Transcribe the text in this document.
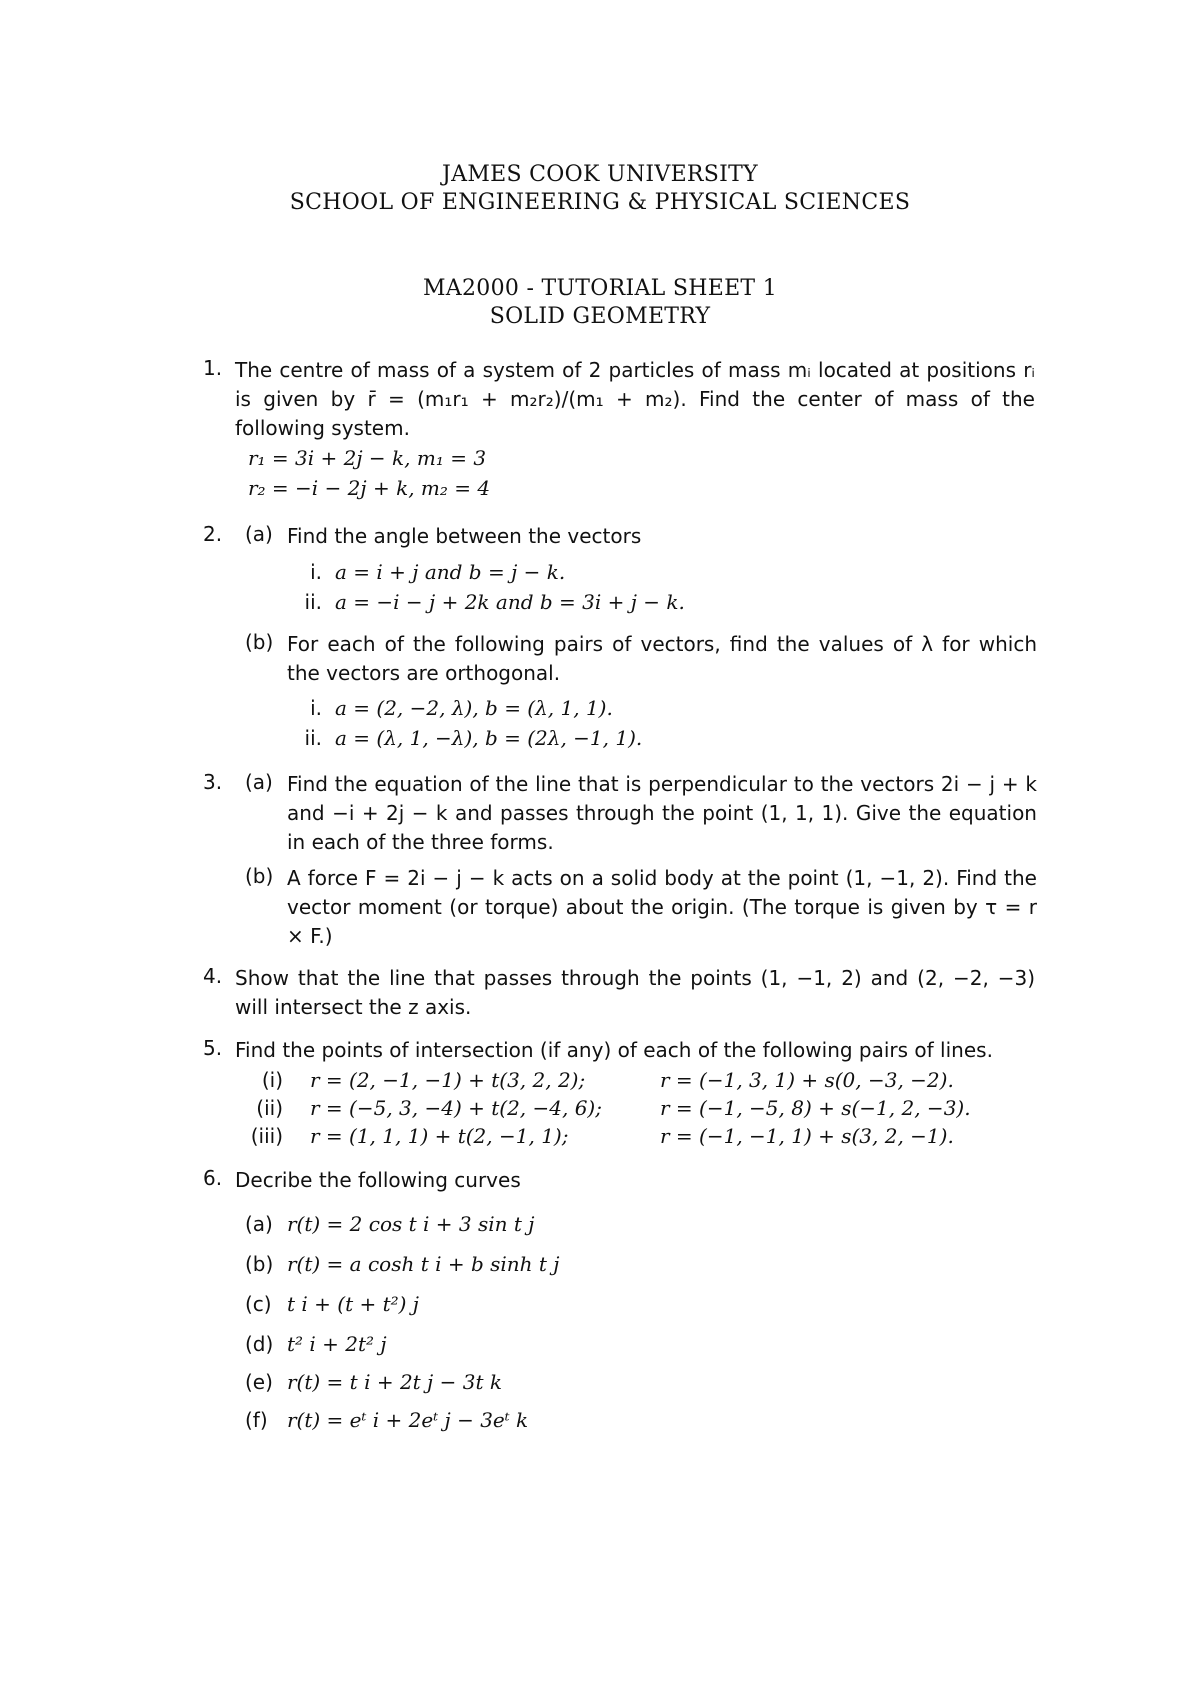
JAMES COOK UNIVERSITY
SCHOOL OF ENGINEERING & PHYSICAL SCIENCES
MA2000 - TUTORIAL SHEET 1
SOLID GEOMETRY
1. The centre of mass of a system of 2 particles of mass mᵢ located at positions rᵢ is given by r̄ = (m₁r₁ + m₂r₂)/(m₁ + m₂). Find the center of mass of the following system.
r₁ = 3i + 2j − k, m₁ = 3
r₂ = −i − 2j + k, m₂ = 4
2. (a) Find the angle between the vectors
i. a = i + j and b = j − k.
ii. a = −i − j + 2k and b = 3i + j − k.
(b) For each of the following pairs of vectors, find the values of λ for which the vectors are orthogonal.
i. a = (2, −2, λ), b = (λ, 1, 1).
ii. a = (λ, 1, −λ), b = (2λ, −1, 1).
3. (a) Find the equation of the line that is perpendicular to the vectors 2i − j + k and −i + 2j − k and passes through the point (1, 1, 1). Give the equation in each of the three forms.
(b) A force F = 2i − j − k acts on a solid body at the point (1, −1, 2). Find the vector moment (or torque) about the origin. (The torque is given by τ = r × F.)
4. Show that the line that passes through the points (1, −1, 2) and (2, −2, −3) will intersect the z axis.
5. Find the points of intersection (if any) of each of the following pairs of lines.
(i) r = (2, −1, −1) + t(3, 2, 2);	r = (−1, 3, 1) + s(0, −3, −2).
(ii) r = (−5, 3, −4) + t(2, −4, 6);	r = (−1, −5, 8) + s(−1, 2, −3).
(iii) r = (1, 1, 1) + t(2, −1, 1);	r = (−1, −1, 1) + s(3, 2, −1).
6. Decribe the following curves
(a) r(t) = 2 cos t i + 3 sin t j
(b) r(t) = a cosh t i + b sinh t j
(c) t i + (t + t²) j
(d) t² i + 2t² j
(e) r(t) = t i + 2t j − 3t k
(f) r(t) = eᵗ i + 2eᵗ j − 3eᵗ k
